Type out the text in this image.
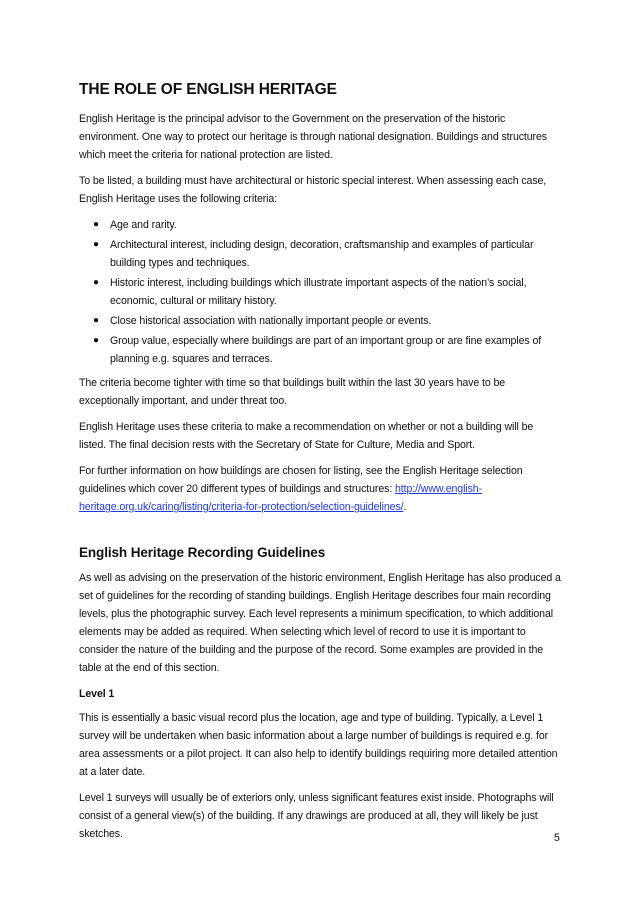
THE ROLE OF ENGLISH HERITAGE

English Heritage is the principal advisor to the Government on the preservation of the historic environment. One way to protect our heritage is through national designation. Buildings and structures which meet the criteria for national protection are listed.

To be listed, a building must have architectural or historic special interest. When assessing each case, English Heritage uses the following criteria:

● Age and rarity.
● Architectural interest, including design, decoration, craftsmanship and examples of particular building types and techniques.
● Historic interest, including buildings which illustrate important aspects of the nation’s social, economic, cultural or military history.
● Close historical association with nationally important people or events.
● Group value, especially where buildings are part of an important group or are fine examples of planning e.g. squares and terraces.

The criteria become tighter with time so that buildings built within the last 30 years have to be exceptionally important, and under threat too.

English Heritage uses these criteria to make a recommendation on whether or not a building will be listed. The final decision rests with the Secretary of State for Culture, Media and Sport.

For further information on how buildings are chosen for listing, see the English Heritage selection guidelines which cover 20 different types of buildings and structures: http://www.english-heritage.org.uk/caring/listing/criteria-for-protection/selection-guidelines/.

English Heritage Recording Guidelines

As well as advising on the preservation of the historic environment, English Heritage has also produced a set of guidelines for the recording of standing buildings. English Heritage describes four main recording levels, plus the photographic survey. Each level represents a minimum specification, to which additional elements may be added as required. When selecting which level of record to use it is important to consider the nature of the building and the purpose of the record. Some examples are provided in the table at the end of this section.

Level 1

This is essentially a basic visual record plus the location, age and type of building. Typically, a Level 1 survey will be undertaken when basic information about a large number of buildings is required e.g. for area assessments or a pilot project. It can also help to identify buildings requiring more detailed attention at a later date.

Level 1 surveys will usually be of exteriors only, unless significant features exist inside. Photographs will consist of a general view(s) of the building. If any drawings are produced at all, they will likely be just sketches.	5
